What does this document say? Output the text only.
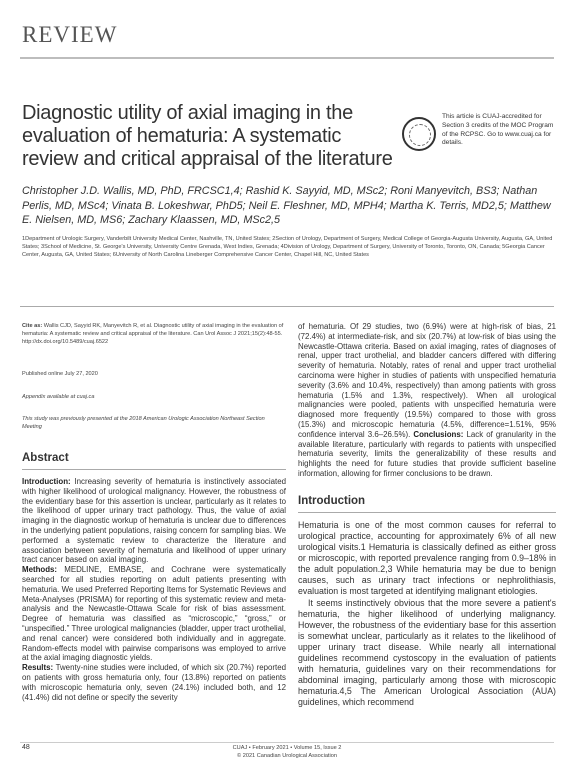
REVIEW
Diagnostic utility of axial imaging in the evaluation of hematuria: A systematic review and critical appraisal of the literature
This article is CUAJ-accredited for Section 3 credits of the MOC Program of the RCPSC. Go to www.cuaj.ca for details.
Christopher J.D. Wallis, MD, PhD, FRCSC1,4; Rashid K. Sayyid, MD, MSc2; Roni Manyevitch, BS3; Nathan Perlis, MD, MSc4; Vinata B. Lokeshwar, PhD5; Neil E. Fleshner, MD, MPH4; Martha K. Terris, MD2,5; Matthew E. Nielsen, MD, MS6; Zachary Klaassen, MD, MSc2,5
1Department of Urologic Surgery, Vanderbilt University Medical Center, Nashville, TN, United States; 2Section of Urology, Department of Surgery, Medical College of Georgia-Augusta University, Augusta, GA, United States; 3School of Medicine, St. George's University, University Centre Grenada, West Indies, Grenada; 4Division of Urology, Department of Surgery, University of Toronto, Toronto, ON, Canada; 5Georgia Cancer Center, Augusta, GA, United States; 6University of North Carolina Lineberger Comprehensive Cancer Center, Chapel Hill, NC, United States
Cite as: Wallis CJD, Sayyid RK, Manyevitch R, et al. Diagnostic utility of axial imaging in the evaluation of hematuria: A systematic review and critical appraisal of the literature. Can Urol Assoc J 2021;15(2):48-55. http://dx.doi.org/10.5489/cuaj.6522
Published online July 27, 2020
Appendix available at cuaj.ca
This study was previously presented at the 2018 American Urologic Association Northeast Section Meeting
Abstract
Introduction: Increasing severity of hematuria is instinctively associated with higher likelihood of urological malignancy. However, the robustness of the evidentiary base for this assertion is unclear, particularly as it relates to the likelihood of upper urinary tract pathology. Thus, the value of axial imaging in the diagnostic workup of hematuria is unclear due to differences in the underlying patient populations, raising concern for sampling bias. We performed a systematic review to characterize the literature and association between severity of hematuria and likelihood of upper urinary tract cancer based on axial imaging.
Methods: MEDLINE, EMBASE, and Cochrane were systematically searched for all studies reporting on adult patients presenting with hematuria. We used Preferred Reporting Items for Systematic Reviews and Meta-Analyses (PRISMA) for reporting of this systematic review and meta-analysis and the Newcastle-Ottawa Scale for risk of bias assessment. Degree of hematuria was classified as “microscopic,” “gross,” or “unspecified.” Three urological malignancies (bladder, upper tract urothelial, and renal cancer) were considered both individually and in aggregate. Random-effects model with pairwise comparisons was employed to arrive at the axial imaging diagnostic yields.
Results: Twenty-nine studies were included, of which six (20.7%) reported on patients with gross hematuria only, four (13.8%) reported on patients with microscopic hematuria only, seven (24.1%) included both, and 12 (41.4%) did not define or specify the severity
of hematuria. Of 29 studies, two (6.9%) were at high-risk of bias, 21 (72.4%) at intermediate-risk, and six (20.7%) at low-risk of bias using the Newcastle-Ottawa criteria. Based on axial imaging, rates of diagnoses of renal, upper tract urothelial, and bladder cancers differed with differing severity of hematuria. Notably, rates of renal and upper tract urothelial carcinoma were higher in studies of patients with unspecified hematuria severity (3.6% and 10.4%, respectively) than among patients with gross hematuria (1.5% and 1.3%, respectively). When all urological malignancies were pooled, patients with unspecified hematuria were diagnosed more frequently (19.5%) compared to those with gross (15.3%) and microscopic hematuria (4.5%, difference=1.51%, 95% confidence interval 3.6–26.5%). Conclusions: Lack of granularity in the available literature, particularly with regards to patients with unspecified hematuria severity, limits the generalizability of these results and highlights the need for future studies that provide sufficient baseline information, allowing for firmer conclusions to be drawn.
Introduction
Hematuria is one of the most common causes for referral to urological practice, accounting for approximately 6% of all new urological visits.1 Hematuria is classically defined as either gross or microscopic, with reported prevalence ranging from 0.9–18% in the adult population.2,3 While hematuria may be due to benign causes, such as urinary tract infections or nephrolithiasis, evaluation is most targeted at identifying malignant etiologies.
It seems instinctively obvious that the more severe a patient's hematuria, the higher likelihood of underlying malignancy. However, the robustness of the evidentiary base for this assertion is somewhat unclear, particularly as it relates to the likelihood of upper urinary tract disease. While nearly all international guidelines recommend cystoscopy in the evaluation of patients with hematuria, guidelines vary on their recommendations for abdominal imaging, particularly among those with microscopic hematuria.4,5 The American Urological Association (AUA) guidelines, which recommend
48	CUAJ • February 2021 • Volume 15, Issue 2
© 2021 Canadian Urological Association
